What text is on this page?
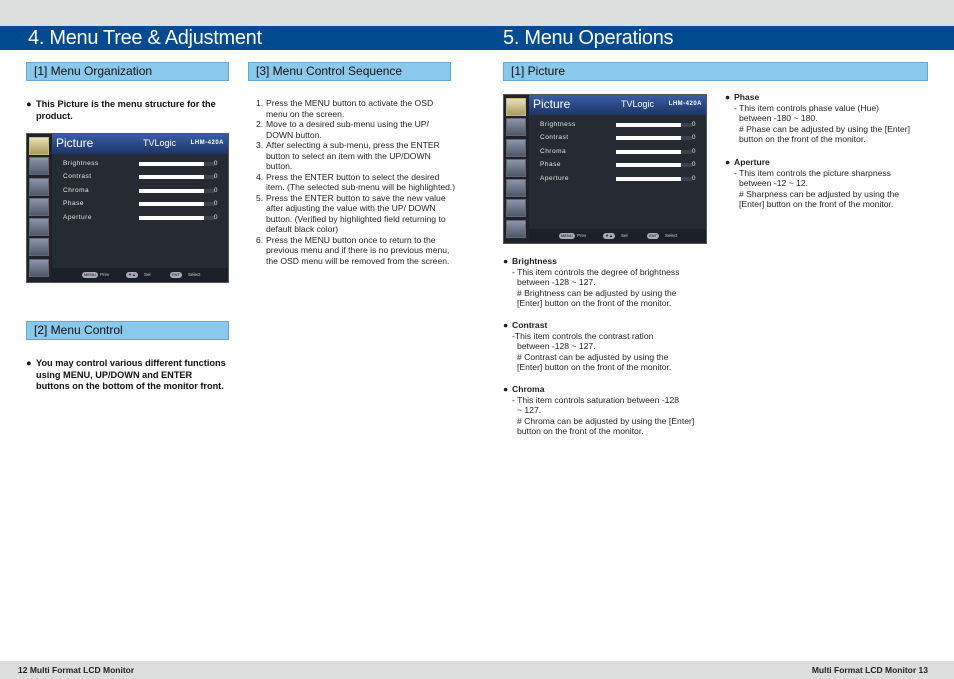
4. Menu Tree & Adjustment	5. Menu Operations
[1] Menu Organization
● This Picture is the menu structure for the product.
Picture	TVLogic LHM-420A
Brightness	0
Contrast	0
Chroma	0
Phase	0
Aperture	0
MENU Prev	▼▲	Sel	ENT	Select
[2] Menu Control
● You may control various different functions using MENU, UP/DOWN and ENTER buttons on the bottom of the monitor front.
[3] Menu Control Sequence
1. Press the MENU button to activate the OSD menu on the screen.
2. Move to a desired sub-menu using the UP/ DOWN button.
3. After selecting a sub-menu, press the ENTER button to select an item with the UP/DOWN button.
4. Press the ENTER button to select the desired item. (The selected sub-menu will be highlighted.)
5. Press the ENTER button to save the new value after adjusting the value with the UP/ DOWN button. (Verified by highlighted field returning to default black color)
6. Press the MENU button once to return to the previous menu and if there is no previous menu, the OSD menu will be removed from the screen.
[1] Picture
Picture	TVLogic LHM-420A
Brightness	0
Contrast	0
Chroma	0
Phase	0
Aperture	0
MENU Prev	▼▲	Sel	ENT	Select
● Brightness
- This item controls the degree of brightness
between -128 ~ 127.
# Brightness can be adjusted by using the
[Enter] button on the front of the monitor.
● Contrast
-This item controls the contrast ration
between -128 ~ 127.
# Contrast can be adjusted by using the
[Enter] button on the front of the monitor.
● Chroma
- This item controls saturation between -128
~ 127.
# Chroma can be adjusted by using the [Enter]
button on the front of the monitor.
● Phase
- This item controls phase value (Hue)
between -180 ~ 180.
# Phase can be adjusted by using the [Enter]
button on the front of the monitor.
● Aperture
- This item controls the picture sharpness
between -12 ~ 12.
# Sharpness can be adjusted by using the
[Enter] button on the front of the monitor.
12 Multi Format LCD Monitor	Multi Format LCD Monitor 13
